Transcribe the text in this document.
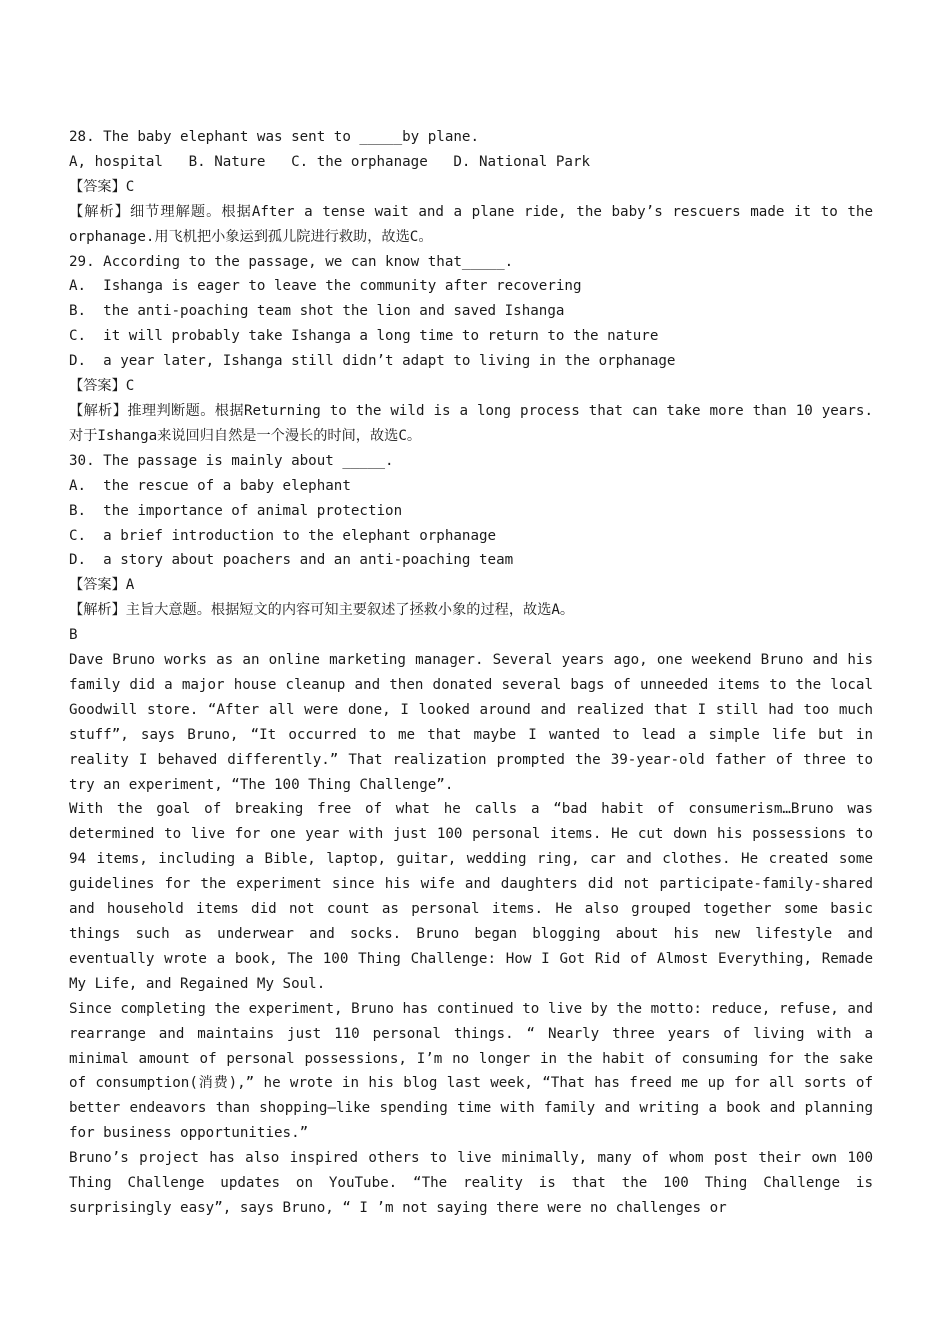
28. The baby elephant was sent to _____by plane.

A, hospital   B. Nature   C. the orphanage   D. National Park

【答案】C

【解析】细节理解题。根据After a tense wait and a plane ride, the baby’s rescuers made it to the orphanage.用飞机把小象运到孤儿院进行救助，故选C。

29. According to the passage, we can know that_____.

A.  Ishanga is eager to leave the community after recovering

B.  the anti-poaching team shot the lion and saved Ishanga

C.  it will probably take Ishanga a long time to return to the nature

D.  a year later, Ishanga still didn’t adapt to living in the orphanage

【答案】C

【解析】推理判断题。根据Returning to the wild is a long process that can take more than 10 years.对于Ishanga来说回归自然是一个漫长的时间，故选C。

30. The passage is mainly about _____.

A.  the rescue of a baby elephant

B.  the importance of animal protection

C.  a brief introduction to the elephant orphanage

D.  a story about poachers and an anti-poaching team

【答案】A

【解析】主旨大意题。根据短文的内容可知主要叙述了拯救小象的过程，故选A。

B

Dave Bruno works as an online marketing manager. Several years ago, one weekend Bruno and his family did a major house cleanup and then donated several bags of unneeded items to the local Goodwill store. “After all were done, I looked around and realized that I still had too much stuff”, says Bruno, “It occurred to me that maybe I wanted to lead a simple life but in reality I behaved differently.” That realization prompted the 39-year-old father of three to try an experiment, “The 100 Thing Challenge”.

With the goal of breaking free of what he calls a “bad habit of consumerism…Bruno was determined to live for one year with just 100 personal items. He cut down his possessions to 94 items, including a Bible, laptop, guitar, wedding ring, car and clothes. He created some guidelines for the experiment since his wife and daughters did not participate-family-shared and household items did not count as personal items. He also grouped together some basic things such as underwear and socks. Bruno began blogging about his new lifestyle and eventually wrote a book, The 100 Thing Challenge: How I Got Rid of Almost Everything, Remade My Life, and Regained My Soul.

Since completing the experiment, Bruno has continued to live by the motto: reduce, refuse, and rearrange and maintains just 110 personal things. “ Nearly three years of living with a minimal amount of personal possessions, I’m no longer in the habit of consuming for the sake of consumption(消费),” he wrote in his blog last week, “That has freed me up for all sorts of better endeavors than shopping—like spending time with family and writing a book and planning for business opportunities.”

Bruno’s project has also inspired others to live minimally, many of whom post their own 100 Thing Challenge updates on YouTube. “The reality is that the 100 Thing Challenge is surprisingly easy”, says Bruno, “ I ’m not saying there were no challenges or
